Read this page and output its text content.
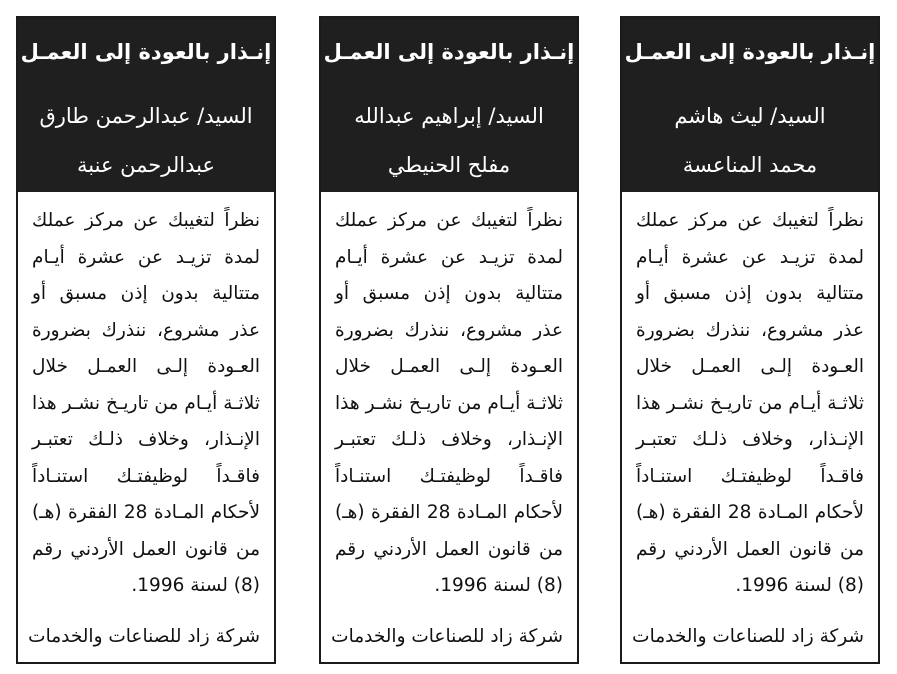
إنـذار بالعودة إلى العمـل
السيد/ ليث هاشم
محمد المناعسة
نظراً لتغيبك عن مركز عملك لمدة تزيـد عن عشرة أيـام متتالية بدون إذن مسبق أو عذر مشروع، ننذرك بضرورة العـودة إلـى العمـل خلال ثلاثـة أيـام من تاريـخ نشـر هذا الإنـذار، وخلاف ذلـك تعتبـر فاقـداً لوظيفتـك استنـاداً لأحكام المـادة 28 الفقرة (هـ) من قانون العمل الأردني رقم (8) لسنة 1996.
شركة زاد للصناعات والخدمات
إنـذار بالعودة إلى العمـل
السيد/ إبراهيم عبدالله
مفلح الحنيطي
نظراً لتغيبك عن مركز عملك لمدة تزيـد عن عشرة أيـام متتالية بدون إذن مسبق أو عذر مشروع، ننذرك بضرورة العـودة إلـى العمـل خلال ثلاثـة أيـام من تاريـخ نشـر هذا الإنـذار، وخلاف ذلـك تعتبـر فاقـداً لوظيفتـك استنـاداً لأحكام المـادة 28 الفقرة (هـ) من قانون العمل الأردني رقم (8) لسنة 1996.
شركة زاد للصناعات والخدمات
إنـذار بالعودة إلى العمـل
السيد/ عبدالرحمن طارق
عبدالرحمن عنبة
نظراً لتغيبك عن مركز عملك لمدة تزيـد عن عشرة أيـام متتالية بدون إذن مسبق أو عذر مشروع، ننذرك بضرورة العـودة إلـى العمـل خلال ثلاثـة أيـام من تاريـخ نشـر هذا الإنـذار، وخلاف ذلـك تعتبـر فاقـداً لوظيفتـك استنـاداً لأحكام المـادة 28 الفقرة (هـ) من قانون العمل الأردني رقم (8) لسنة 1996.
شركة زاد للصناعات والخدمات
